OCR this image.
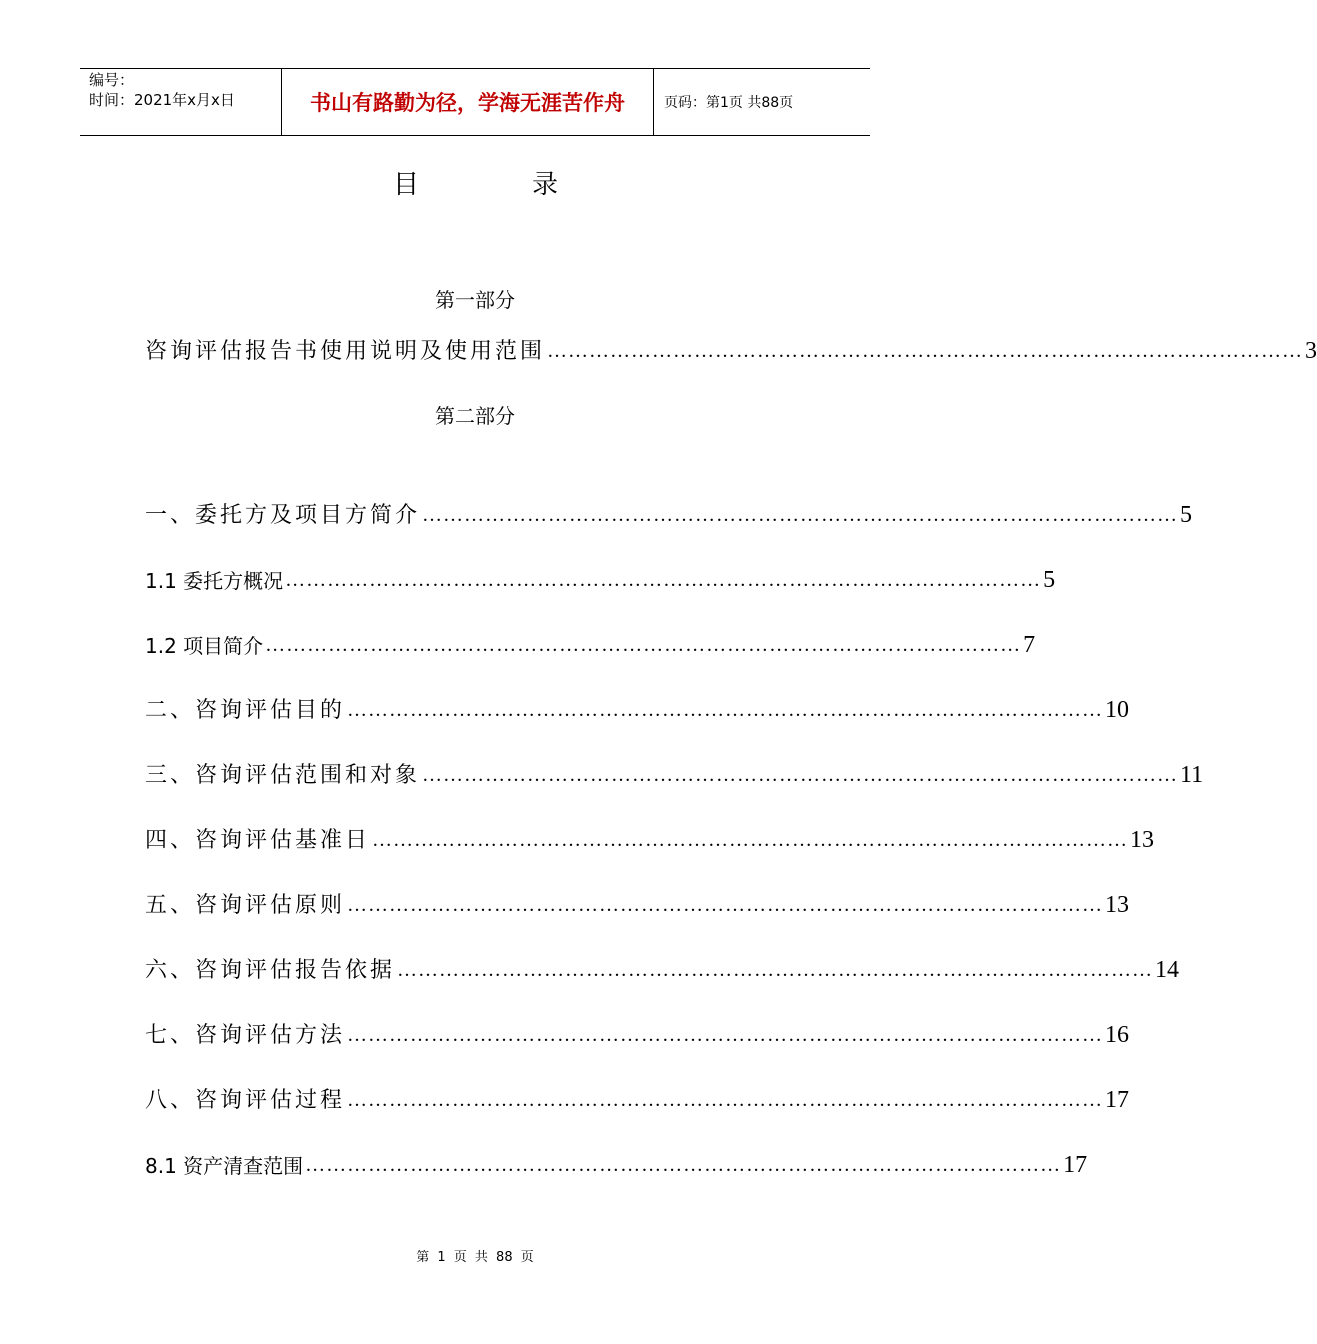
编号：
时间：2021年x月x日	书山有路勤为径，学海无涯苦作舟	页码：第1页 共88页
目	录
第一部分
咨询评估报告书使用说明及使用范围 ……………………………………………………………………………………………… 3
第二部分
一、委托方及项目方简介 ……………………………………………………………………………………………… 5
1.1 委托方概况 ……………………………………………………………………………………………… 5
1.2 项目简介 ……………………………………………………………………………………………… 7
二、咨询评估目的 ……………………………………………………………………………………………… 10
三、咨询评估范围和对象 ……………………………………………………………………………………………… 11
四、咨询评估基准日 ……………………………………………………………………………………………… 13
五、咨询评估原则 ……………………………………………………………………………………………… 13
六、咨询评估报告依据 ……………………………………………………………………………………………… 14
七、咨询评估方法 ……………………………………………………………………………………………… 16
八、咨询评估过程 ……………………………………………………………………………………………… 17
8.1 资产清查范围 ……………………………………………………………………………………………… 17
第 1 页 共 88 页
